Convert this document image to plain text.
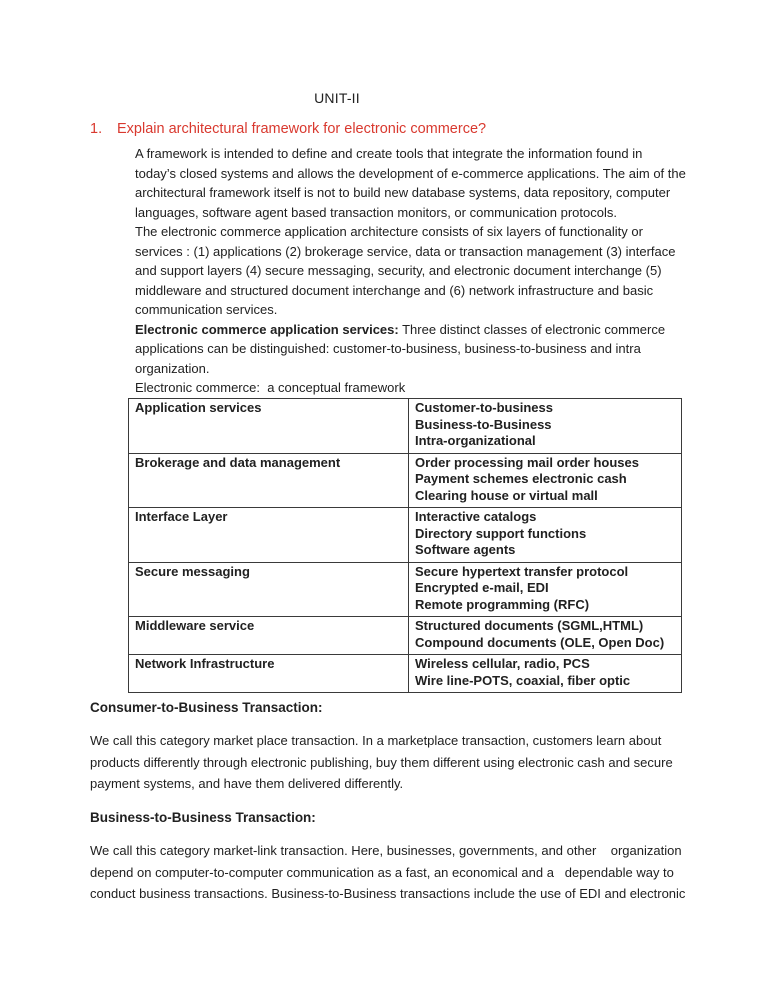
UNIT-II
1.	Explain architectural framework for electronic commerce?
A framework is intended to define and create tools that integrate the information found in
today’s closed systems and allows the development of e-commerce applications. The aim of the
architectural framework itself is not to build new database systems, data repository, computer
languages, software agent based transaction monitors, or communication protocols.
The electronic commerce application architecture consists of six layers of functionality or
services : (1) applications (2) brokerage service, data or transaction management (3) interface
and support layers (4) secure messaging, security, and electronic document interchange (5)
middleware and structured document interchange and (6) network infrastructure and basic
communication services.
Electronic commerce application services: Three distinct classes of electronic commerce
applications can be distinguished: customer-to-business, business-to-business and intra
organization.
Electronic commerce:  a conceptual framework
Application services	Customer-to-business
Business-to-Business
Intra-organizational

Brokerage and data management	Order processing mail order houses
Payment schemes electronic cash
Clearing house or virtual mall

Interface Layer	Interactive catalogs
Directory support functions
Software agents

Secure messaging	Secure hypertext transfer protocol
Encrypted e-mail, EDI
Remote programming (RFC)

Middleware service	Structured documents (SGML,HTML)
Compound documents (OLE, Open Doc)

Network Infrastructure	Wireless cellular, radio, PCS
Wire line-POTS, coaxial, fiber optic
Consumer-to-Business Transaction:
We call this category market place transaction. In a marketplace transaction, customers learn about
products differently through electronic publishing, buy them different using electronic cash and secure
payment systems, and have them delivered differently.
Business-to-Business Transaction:
We call this category market-link transaction. Here, businesses, governments, and other    organization
depend on computer-to-computer communication as a fast, an economical and a   dependable way to
conduct business transactions. Business-to-Business transactions include the use of EDI and electronic
